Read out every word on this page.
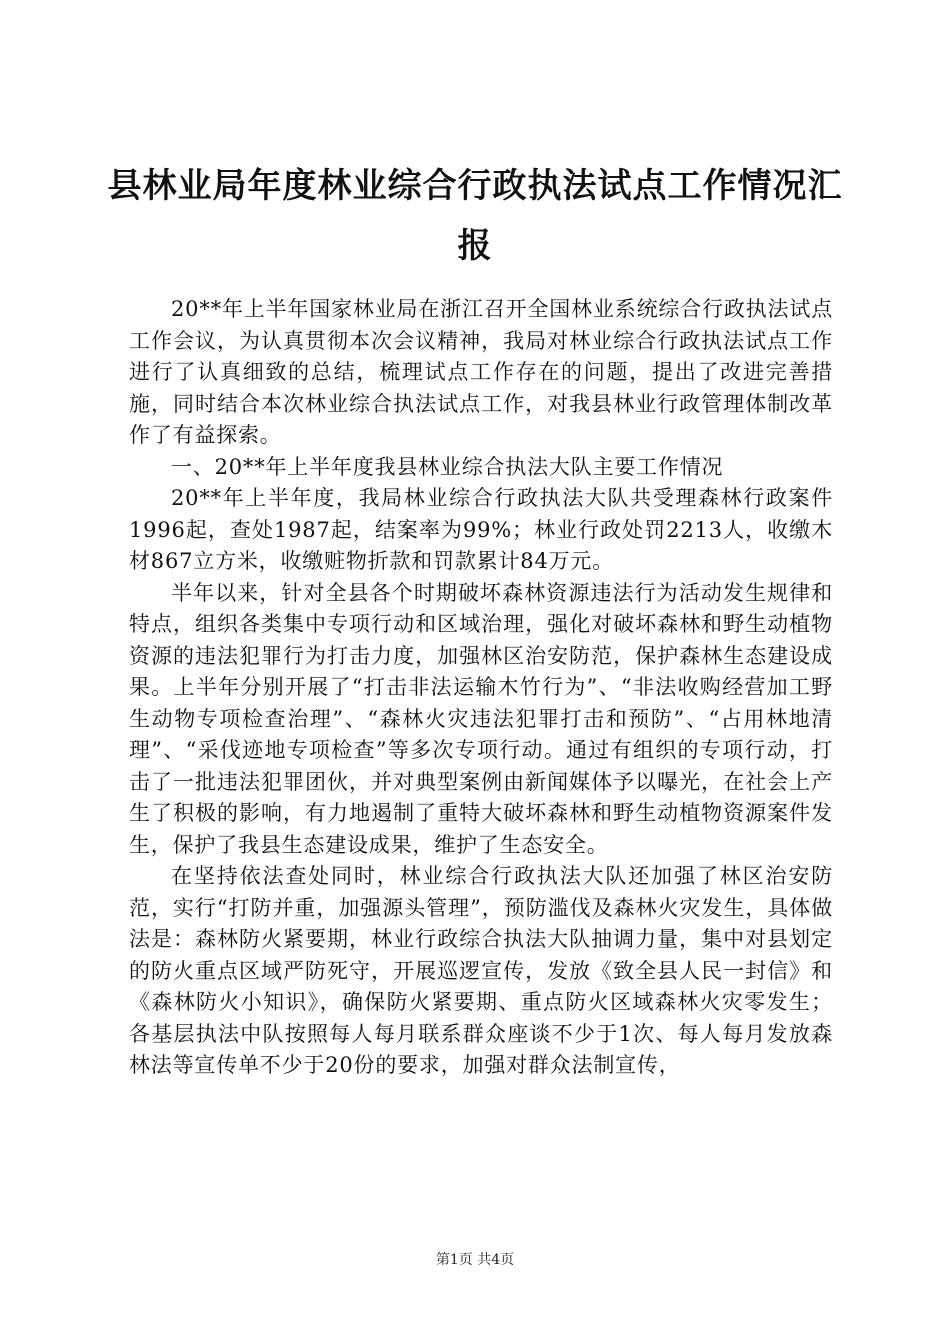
县林业局年度林业综合行政执法试点工作情况汇报

20**年上半年国家林业局在浙江召开全国林业系统综合行政执法试点工作会议，为认真贯彻本次会议精神，我局对林业综合行政执法试点工作进行了认真细致的总结，梳理试点工作存在的问题，提出了改进完善措施，同时结合本次林业综合执法试点工作，对我县林业行政管理体制改革作了有益探索。

一、20**年上半年度我县林业综合执法大队主要工作情况

20**年上半年度，我局林业综合行政执法大队共受理森林行政案件1996起，查处1987起，结案率为99%；林业行政处罚2213人，收缴木材867立方米，收缴赃物折款和罚款累计84万元。

半年以来，针对全县各个时期破坏森林资源违法行为活动发生规律和特点，组织各类集中专项行动和区域治理，强化对破坏森林和野生动植物资源的违法犯罪行为打击力度，加强林区治安防范，保护森林生态建设成果。上半年分别开展了“打击非法运输木竹行为”、“非法收购经营加工野生动物专项检查治理”、“森林火灾违法犯罪打击和预防”、“占用林地清理”、“采伐迹地专项检查”等多次专项行动。通过有组织的专项行动，打击了一批违法犯罪团伙，并对典型案例由新闻媒体予以曝光，在社会上产生了积极的影响，有力地遏制了重特大破坏森林和野生动植物资源案件发生，保护了我县生态建设成果，维护了生态安全。

在坚持依法查处同时，林业综合行政执法大队还加强了林区治安防范，实行“打防并重，加强源头管理”，预防滥伐及森林火灾发生，具体做法是：森林防火紧要期，林业行政综合执法大队抽调力量，集中对县划定的防火重点区域严防死守，开展巡逻宣传，发放《致全县人民一封信》和《森林防火小知识》，确保防火紧要期、重点防火区域森林火灾零发生；各基层执法中队按照每人每月联系群众座谈不少于1次、每人每月发放森林法等宣传单不少于20份的要求，加强对群众法制宣传，

第1页 共4页
